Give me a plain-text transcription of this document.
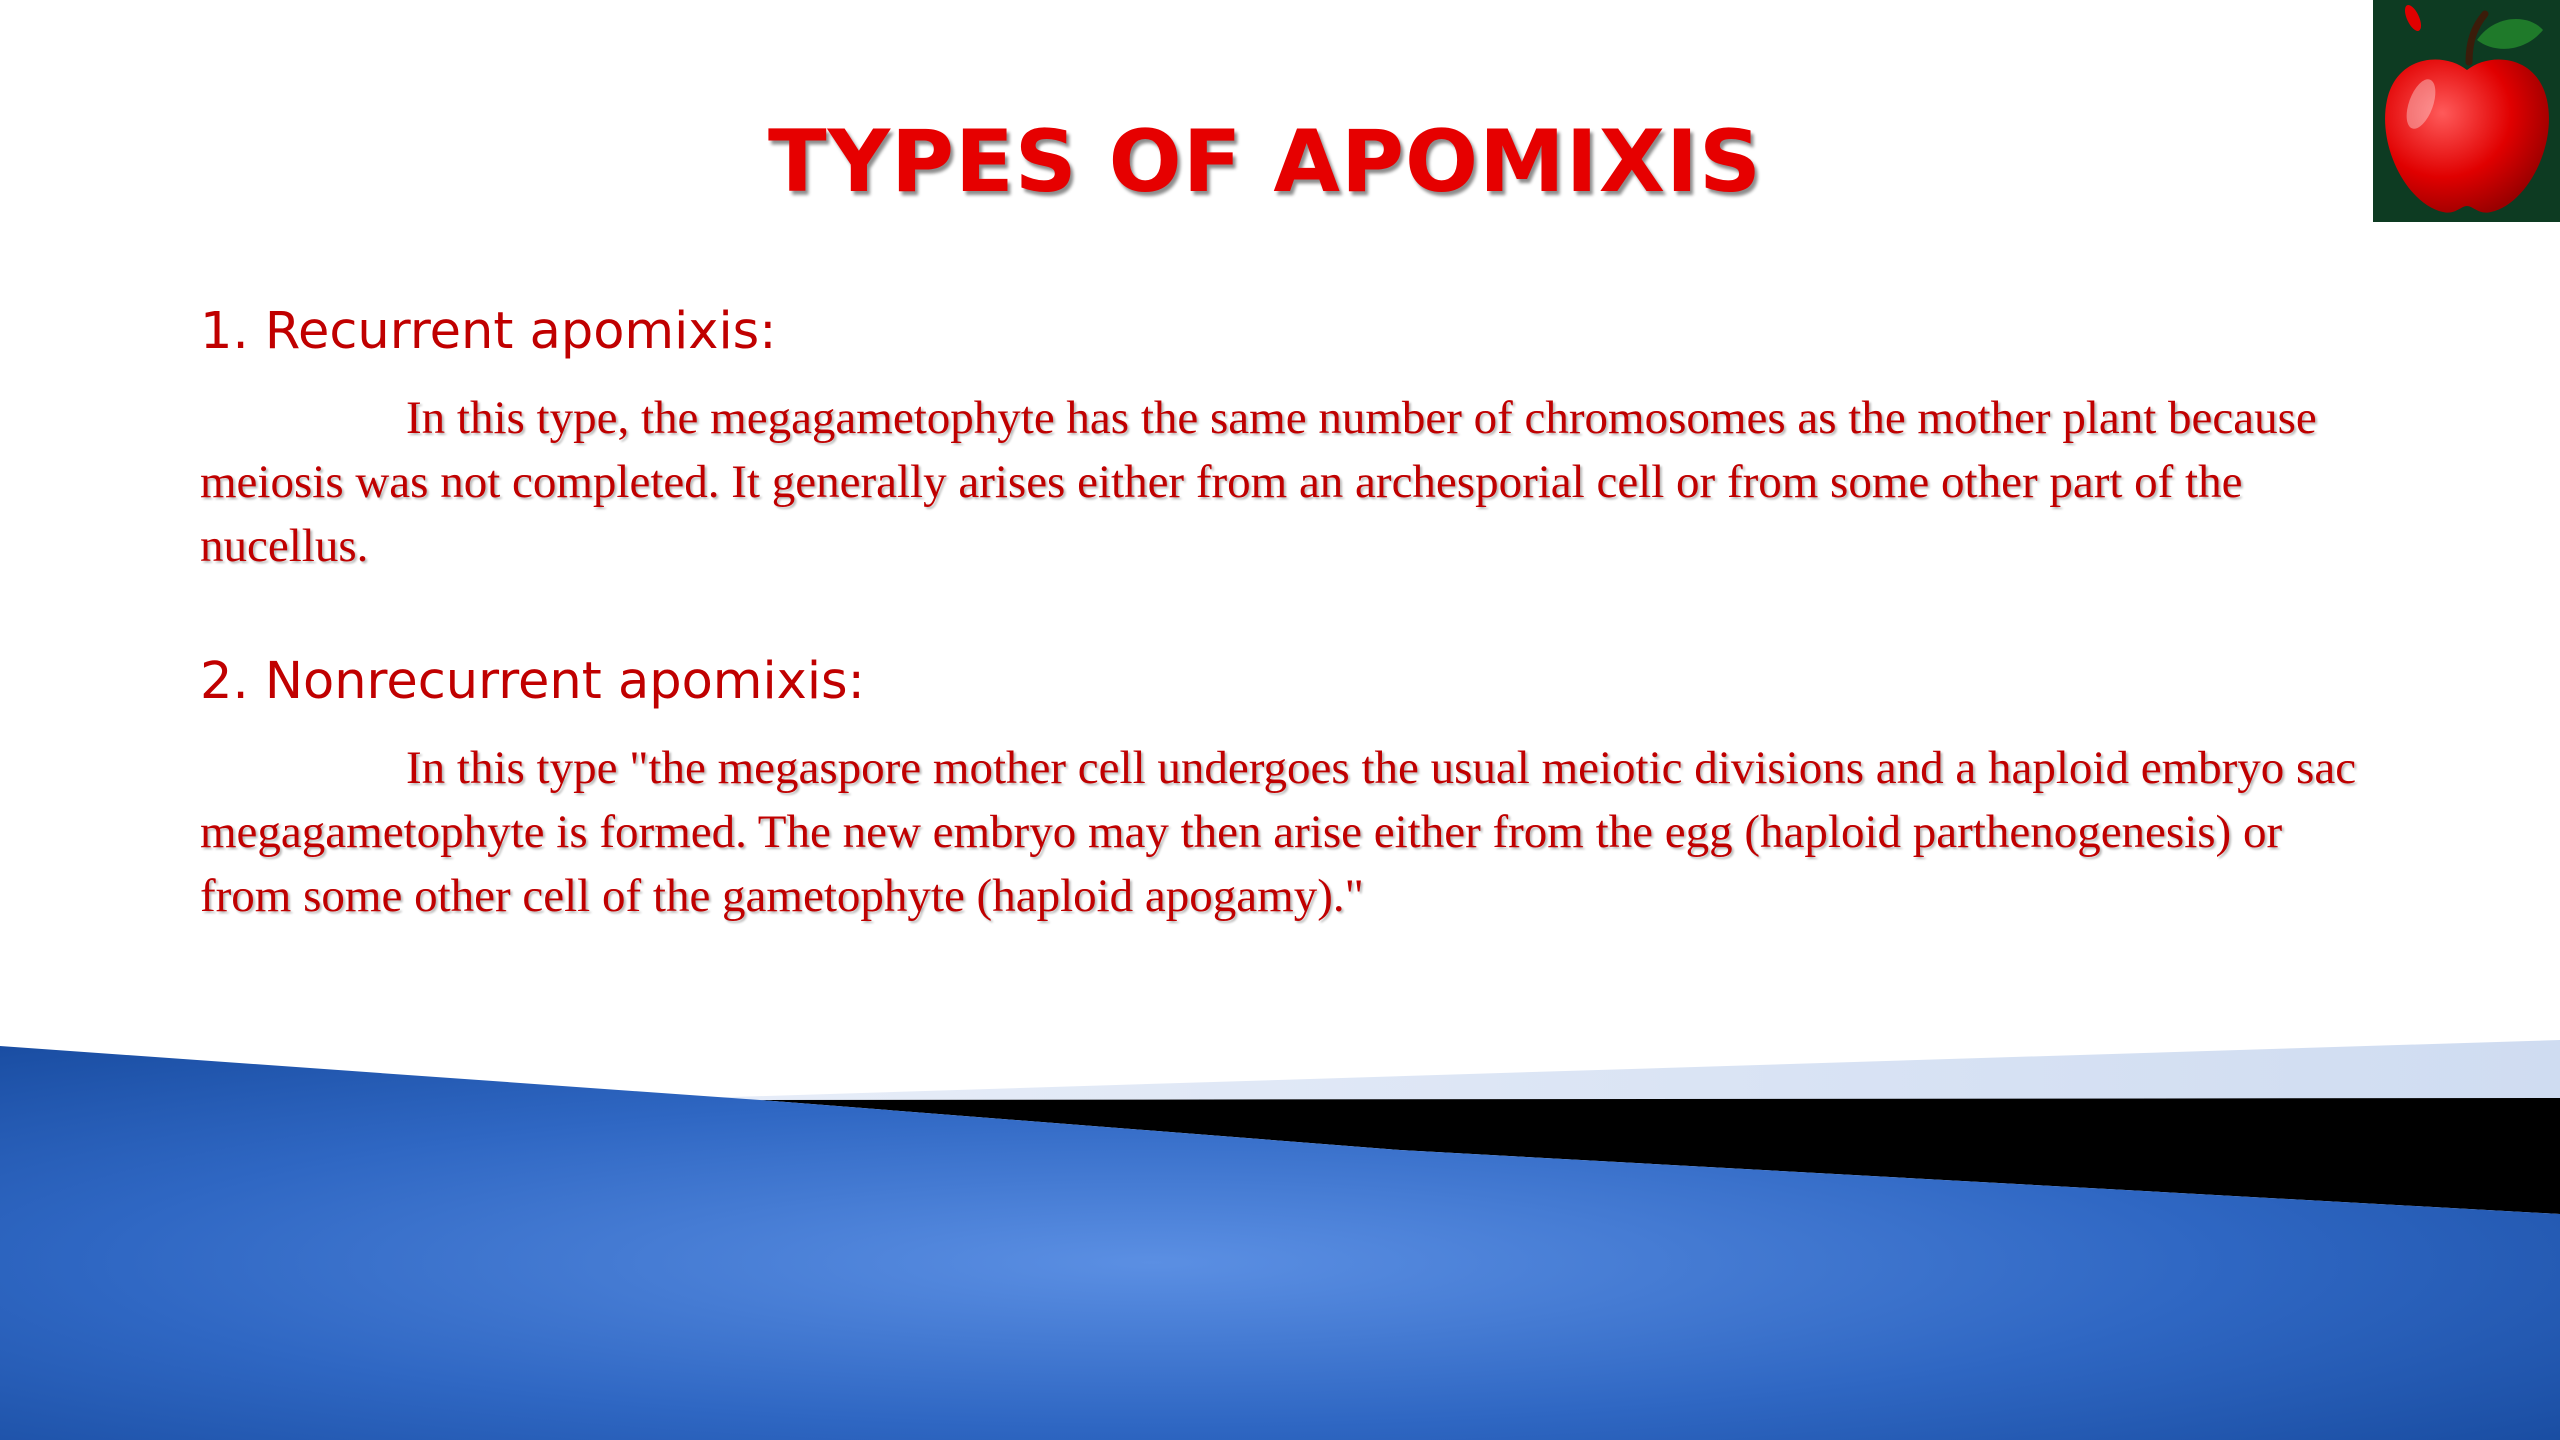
TYPES OF APOMIXIS
1. Recurrent apomixis:

In this type, the megagametophyte has the same number of chromosomes as the mother plant because meiosis was not completed. It generally arises either from an archesporial cell or from some other part of the nucellus.

2. Nonrecurrent apomixis:

In this type "the megaspore mother cell undergoes the usual meiotic divisions and a haploid embryo sac megagametophyte is formed. The new embryo may then arise either from the egg (haploid parthenogenesis) or from some other cell of the gametophyte (haploid apogamy)."
